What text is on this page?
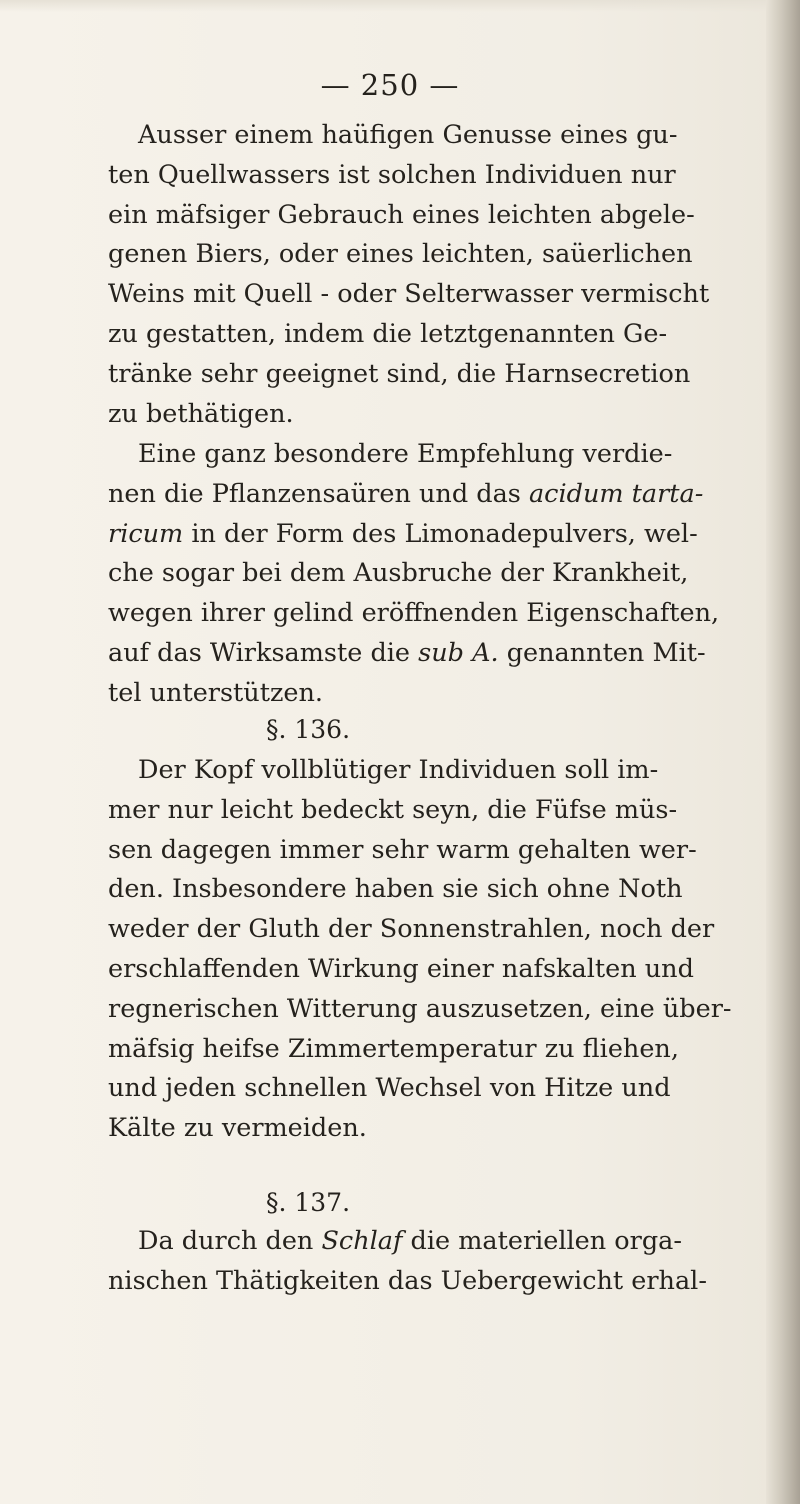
— 250 —
Ausser einem haüfigen Genusse eines gu-
ten Quellwassers ist solchen Individuen nur
ein mäfsiger Gebrauch eines leichten abgele-
genen Biers, oder eines leichten, saüerlichen
Weins mit Quell - oder Selterwasser vermischt
zu gestatten, indem die letztgenannten Ge-
tränke sehr geeignet sind, die Harnsecretion
zu bethätigen.
Eine ganz besondere Empfehlung verdie-
nen die Pflanzensaüren und das acidum tarta-
ricum in der Form des Limonadepulvers, wel-
che sogar bei dem Ausbruche der Krankheit,
wegen ihrer gelind eröffnenden Eigenschaften,
auf das Wirksamste die sub A. genannten Mit-
tel unterstützen.
§. 136.
Der Kopf vollblütiger Individuen soll im-
mer nur leicht bedeckt seyn, die Füfse müs-
sen dagegen immer sehr warm gehalten wer-
den. Insbesondere haben sie sich ohne Noth
weder der Gluth der Sonnenstrahlen, noch der
erschlaffenden Wirkung einer nafskalten und
regnerischen Witterung auszusetzen, eine über-
mäfsig heifse Zimmertemperatur zu fliehen,
und jeden schnellen Wechsel von Hitze und
Kälte zu vermeiden.
§. 137.
Da durch den Schlaf die materiellen orga-
nischen Thätigkeiten das Uebergewicht erhal-
